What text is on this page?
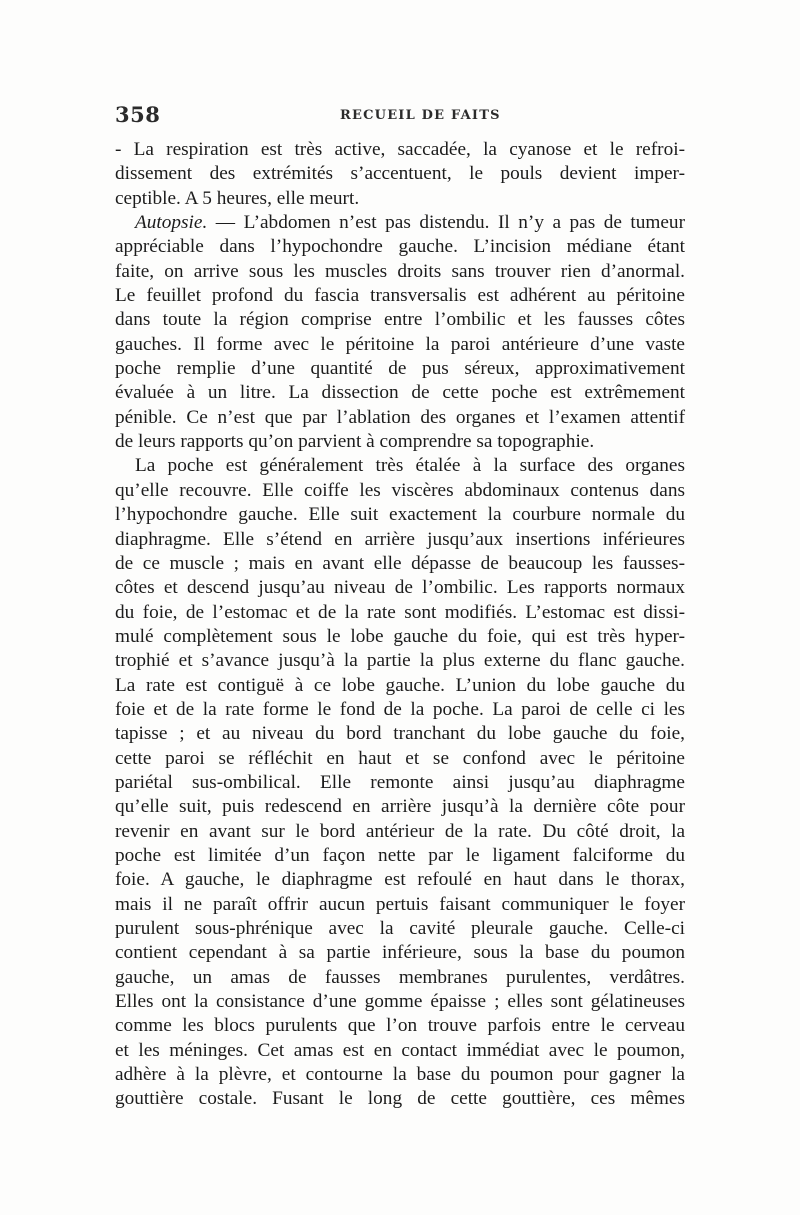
358	RECUEIL DE FAITS
- La respiration est très active, saccadée, la cyanose et le refroi-
dissement des extrémités s’accentuent, le pouls devient imper-
ceptible. A 5 heures, elle meurt.
Autopsie. — L’abdomen n’est pas distendu. Il n’y a pas de tumeur
appréciable dans l’hypochondre gauche. L’incision médiane étant
faite, on arrive sous les muscles droits sans trouver rien d’anormal.
Le feuillet profond du fascia transversalis est adhérent au péritoine
dans toute la région comprise entre l’ombilic et les fausses côtes
gauches. Il forme avec le péritoine la paroi antérieure d’une vaste
poche remplie d’une quantité de pus séreux, approximativement
évaluée à un litre. La dissection de cette poche est extrêmement
pénible. Ce n’est que par l’ablation des organes et l’examen attentif
de leurs rapports qu’on parvient à comprendre sa topographie.
La poche est généralement très étalée à la surface des organes
qu’elle recouvre. Elle coiffe les viscères abdominaux contenus dans
l’hypochondre gauche. Elle suit exactement la courbure normale du
diaphragme. Elle s’étend en arrière jusqu’aux insertions inférieures
de ce muscle ; mais en avant elle dépasse de beaucoup les fausses-
côtes et descend jusqu’au niveau de l’ombilic. Les rapports normaux
du foie, de l’estomac et de la rate sont modifiés. L’estomac est dissi-
mulé complètement sous le lobe gauche du foie, qui est très hyper-
trophié et s’avance jusqu’à la partie la plus externe du flanc gauche.
La rate est contiguë à ce lobe gauche. L’union du lobe gauche du
foie et de la rate forme le fond de la poche. La paroi de celle ci les
tapisse ; et au niveau du bord tranchant du lobe gauche du foie,
cette paroi se réfléchit en haut et se confond avec le péritoine
pariétal sus-ombilical. Elle remonte ainsi jusqu’au diaphragme
qu’elle suit, puis redescend en arrière jusqu’à la dernière côte pour
revenir en avant sur le bord antérieur de la rate. Du côté droit, la
poche est limitée d’un façon nette par le ligament falciforme du
foie. A gauche, le diaphragme est refoulé en haut dans le thorax,
mais il ne paraît offrir aucun pertuis faisant communiquer le foyer
purulent sous-phrénique avec la cavité pleurale gauche. Celle-ci
contient cependant à sa partie inférieure, sous la base du poumon
gauche, un amas de fausses membranes purulentes, verdâtres.
Elles ont la consistance d’une gomme épaisse ; elles sont gélatineuses
comme les blocs purulents que l’on trouve parfois entre le cerveau
et les méninges. Cet amas est en contact immédiat avec le poumon,
adhère à la plèvre, et contourne la base du poumon pour gagner la
gouttière costale. Fusant le long de cette gouttière, ces mêmes
